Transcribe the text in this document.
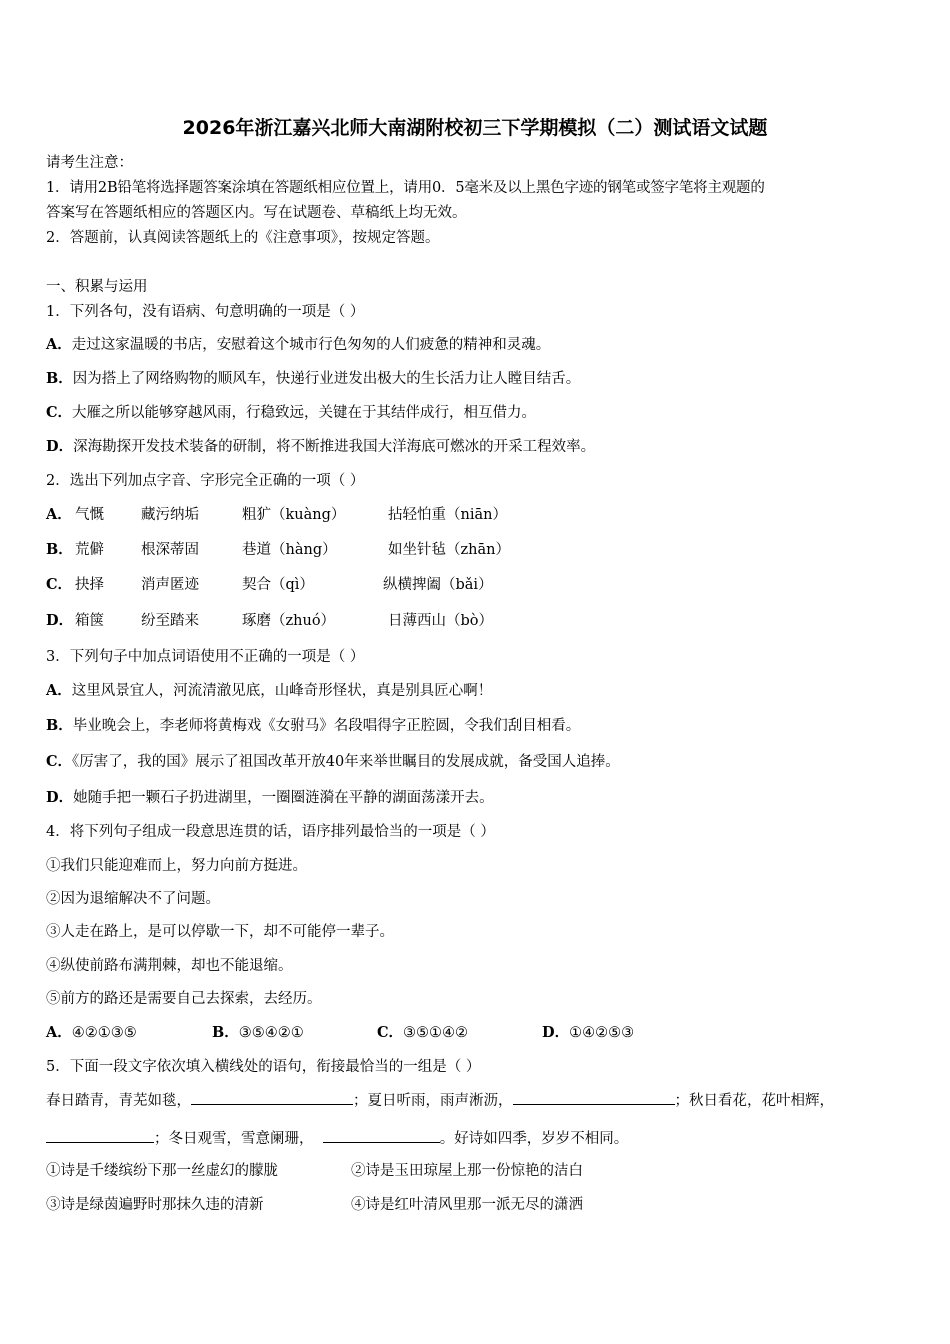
2026年浙江嘉兴北师大南湖附校初三下学期模拟（二）测试语文试题
请考生注意：
1．请用2B铅笔将选择题答案涂填在答题纸相应位置上，请用0．5毫米及以上黑色字迹的钢笔或签字笔将主观题的
答案写在答题纸相应的答题区内。写在试题卷、草稿纸上均无效。
2．答题前，认真阅读答题纸上的《注意事项》，按规定答题。
一、积累与运用
1．下列各句，没有语病、句意明确的一项是（ ）
A．走过这家温暖的书店，安慰着这个城市行色匆匆的人们疲惫的精神和灵魂。
B．因为搭上了网络购物的顺风车，快递行业迸发出极大的生长活力让人瞠目结舌。
C．大雁之所以能够穿越风雨，行稳致远，关键在于其结伴成行，相互借力。
D．深海勘探开发技术装备的研制，将不断推进我国大洋海底可燃冰的开采工程效率。
2．选出下列加点字音、字形完全正确的一项（ ）
A． 气慨	藏污纳垢	粗犷（kuàng）	拈轻怕重（niān）
B． 荒僻	根深蒂固	巷道（hàng）	如坐针毡（zhān）
C． 抉择	消声匿迹	契合（qì）	纵横捭阖（bǎi）
D． 箱箧	纷至踏来	琢磨（zhuó）	日薄西山（bò）
3．下列句子中加点词语使用不正确的一项是（ ）
A．这里风景宜人，河流清澈见底，山峰奇形怪状，真是别具匠心啊！
B．毕业晚会上，李老师将黄梅戏《女驸马》名段唱得字正腔圆，令我们刮目相看。
C．《厉害了，我的国》展示了祖国改革开放40年来举世瞩目的发展成就，备受国人追捧。
D．她随手把一颗石子扔进湖里，一圈圈涟漪在平静的湖面荡漾开去。
4．将下列句子组成一段意思连贯的话，语序排列最恰当的一项是（ ）
①我们只能迎难而上，努力向前方挺进。
②因为退缩解决不了问题。
③人走在路上，是可以停歇一下，却不可能停一辈子。
④纵使前路布满荆棘，却也不能退缩。
⑤前方的路还是需要自己去探索，去经历。
A．④②①③⑤	B．③⑤④②①	C．③⑤①④②	D．①④②⑤③
5．下面一段文字依次填入横线处的语句，衔接最恰当的一组是（ ）
春日踏青，青芜如毯，	；夏日听雨，雨声淅沥，	；秋日看花，花叶相辉，
；冬日观雪，雪意阑珊，	。好诗如四季，岁岁不相同。
①诗是千缕缤纷下那一丝虚幻的朦胧	②诗是玉田琼屋上那一份惊艳的洁白
③诗是绿茵遍野时那抹久违的清新	④诗是红叶清风里那一派无尽的潇洒
